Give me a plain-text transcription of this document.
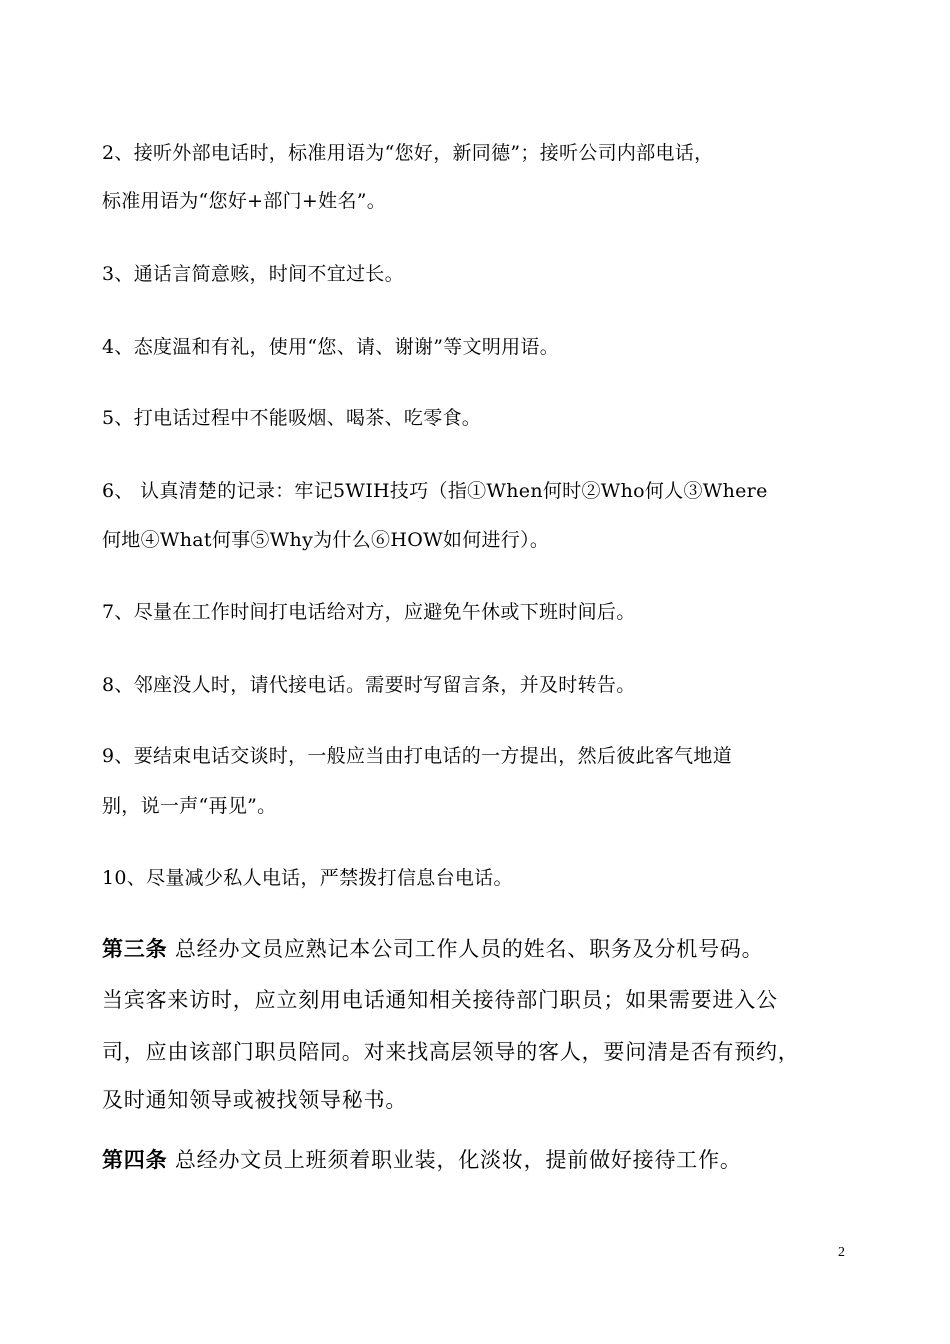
2、接听外部电话时，标准用语为“您好，新同德”；接听公司内部电话，
标准用语为“您好+部门+姓名”。
3、通话言简意赅，时间不宜过长。
4、态度温和有礼，使用“您、请、谢谢”等文明用语。
5、打电话过程中不能吸烟、喝茶、吃零食。
6、 认真清楚的记录：牢记5WIH技巧（指①When何时②Who何人③Where
何地④What何事⑤Why为什么⑥HOW如何进行）。
7、尽量在工作时间打电话给对方，应避免午休或下班时间后。
8、邻座没人时，请代接电话。需要时写留言条，并及时转告。
9、要结束电话交谈时，一般应当由打电话的一方提出，然后彼此客气地道
别，说一声“再见”。
10、尽量减少私人电话，严禁拨打信息台电话。
第三条 总经办文员应熟记本公司工作人员的姓名、职务及分机号码。
当宾客来访时，应立刻用电话通知相关接待部门职员；如果需要进入公
司，应由该部门职员陪同。对来找高层领导的客人，要问清是否有预约，
及时通知领导或被找领导秘书。
第四条 总经办文员上班须着职业装，化淡妆，提前做好接待工作。
2
